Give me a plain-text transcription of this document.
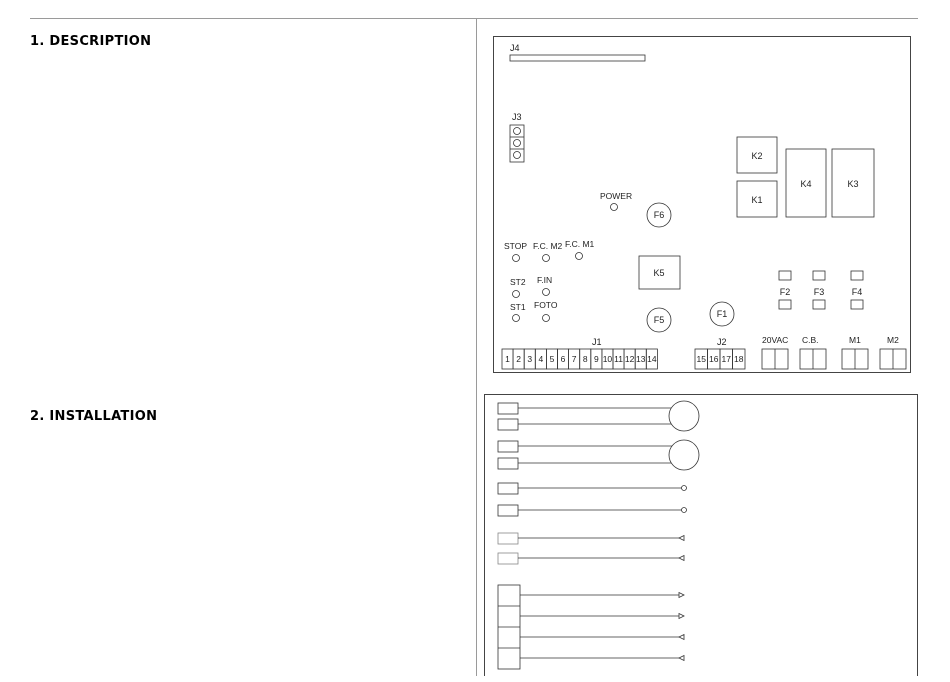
1. DESCRIPTION
2. INSTALLATION
J4
J3
POWER
F6
K2
K1
K4	K3
STOP F.C. M2 F.C. M1
ST2 F.IN
ST1 FOTO
K5
F5
F1
F2	F3	F4
J1
1 2 3 4 5 6 7 8 9 10 11 12 13 14
J2
15 16 17 18
20VAC C.B.	M1	M2
